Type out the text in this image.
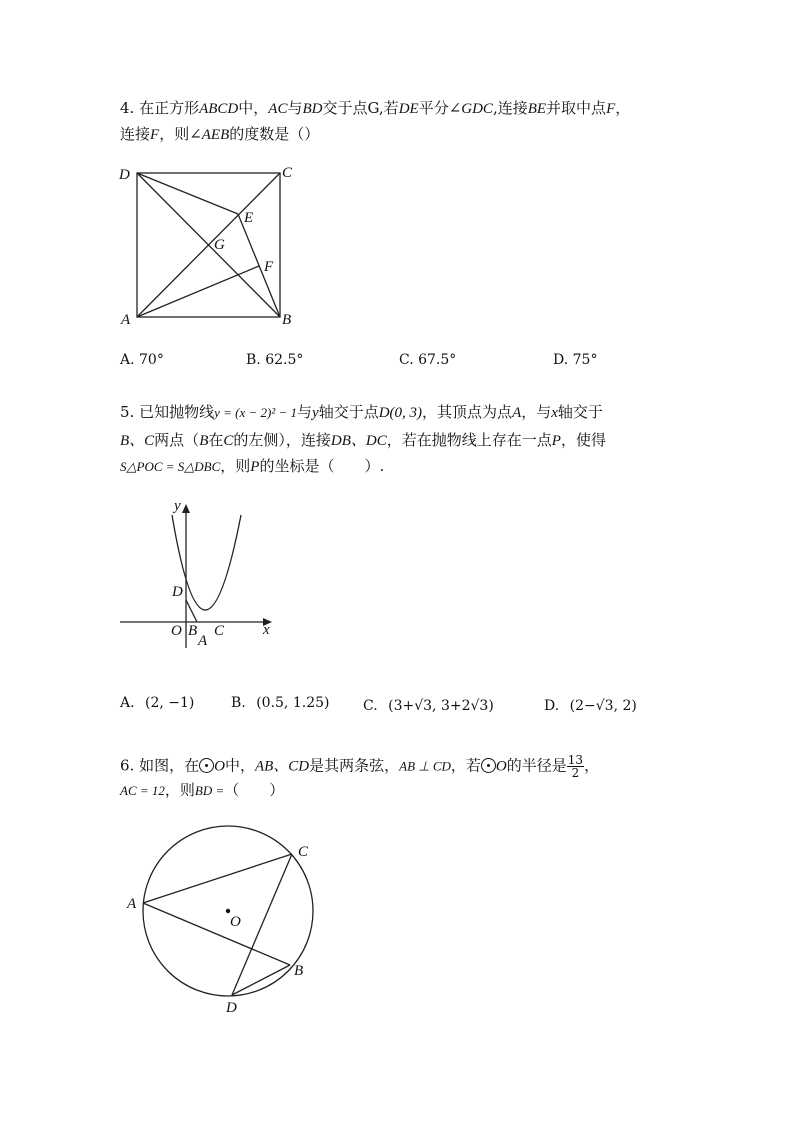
4. 在正方形ABCD中，AC与BD交于点G,若DE平分∠GDC,连接BE并取中点F，
连接F，则∠AEB的度数是（）
D	C
A	B
E
G
F
A. 70°	B. 62.5°	C. 67.5°	D. 75°
5. 已知抛物线y = (x − 2)² − 1与y轴交于点D(0, 3)，其顶点为点A，与x轴交于
B、C两点（B在C的左侧），连接DB、DC，若在抛物线上存在一点P，使得
S△POC = S△DBC，则P的坐标是（　　）.
y
x
D
O B
A
C
A. (2, −1)	B. (0.5, 1.25) C. (3+√3, 3+2√3)	D. (2−√3, 2)
6. 如图，在 O中，AB、CD是其两条弦，AB ⊥ CD，若 O的半径是 $\frac{13}{2}$ ，
AC = 12，则BD =（　　）
A
C
O
B
D
